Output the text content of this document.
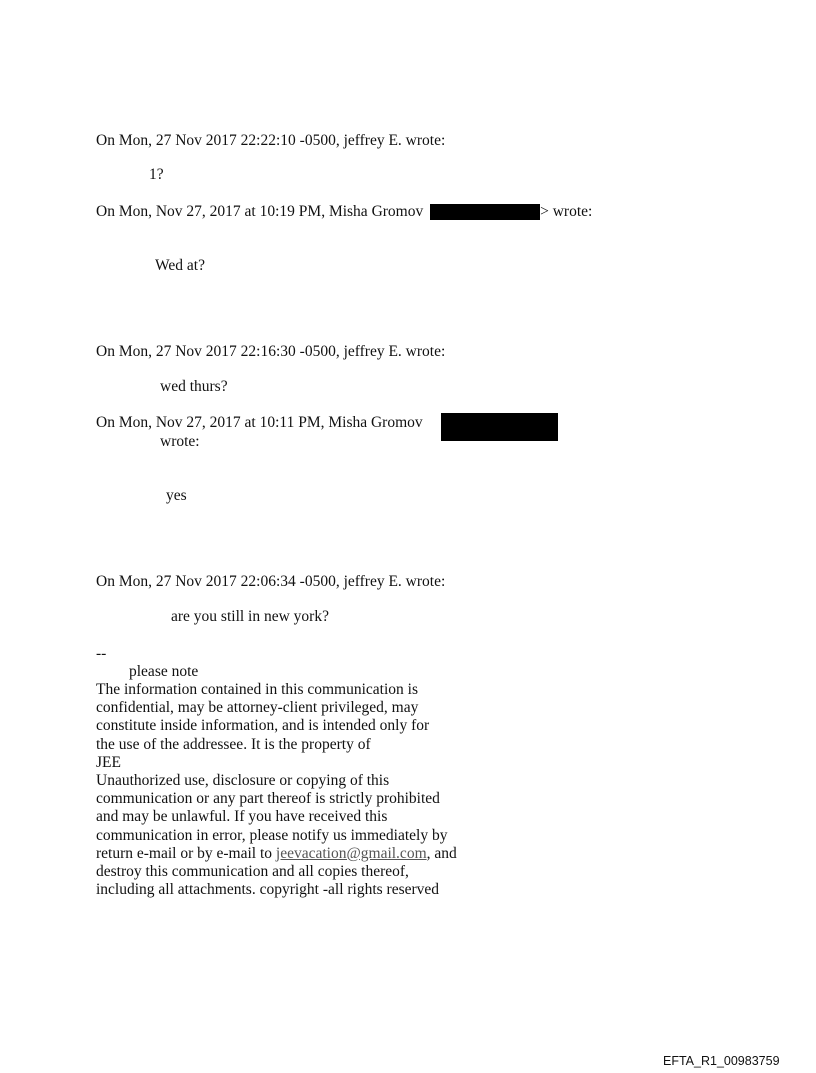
On Mon, 27 Nov 2017 22:22:10 -0500, jeffrey E. wrote:
1?
On Mon, Nov 27, 2017 at 10:19 PM, Misha Gromov	> wrote:
Wed at?
On Mon, 27 Nov 2017 22:16:30 -0500, jeffrey E. wrote:
wed thurs?
On Mon, Nov 27, 2017 at 10:11 PM, Misha Gromov
wrote:
yes
On Mon, 27 Nov 2017 22:06:34 -0500, jeffrey E. wrote:
are you still in new york?
--
please note
The information contained in this communication is
confidential, may be attorney-client privileged, may
constitute inside information, and is intended only for
the use of the addressee. It is the property of
JEE
Unauthorized use, disclosure or copying of this
communication or any part thereof is strictly prohibited
and may be unlawful. If you have received this
communication in error, please notify us immediately by
return e-mail or by e-mail to jeevacation@gmail.com, and
destroy this communication and all copies thereof,
including all attachments. copyright -all rights reserved
EFTA_R1_00983759
